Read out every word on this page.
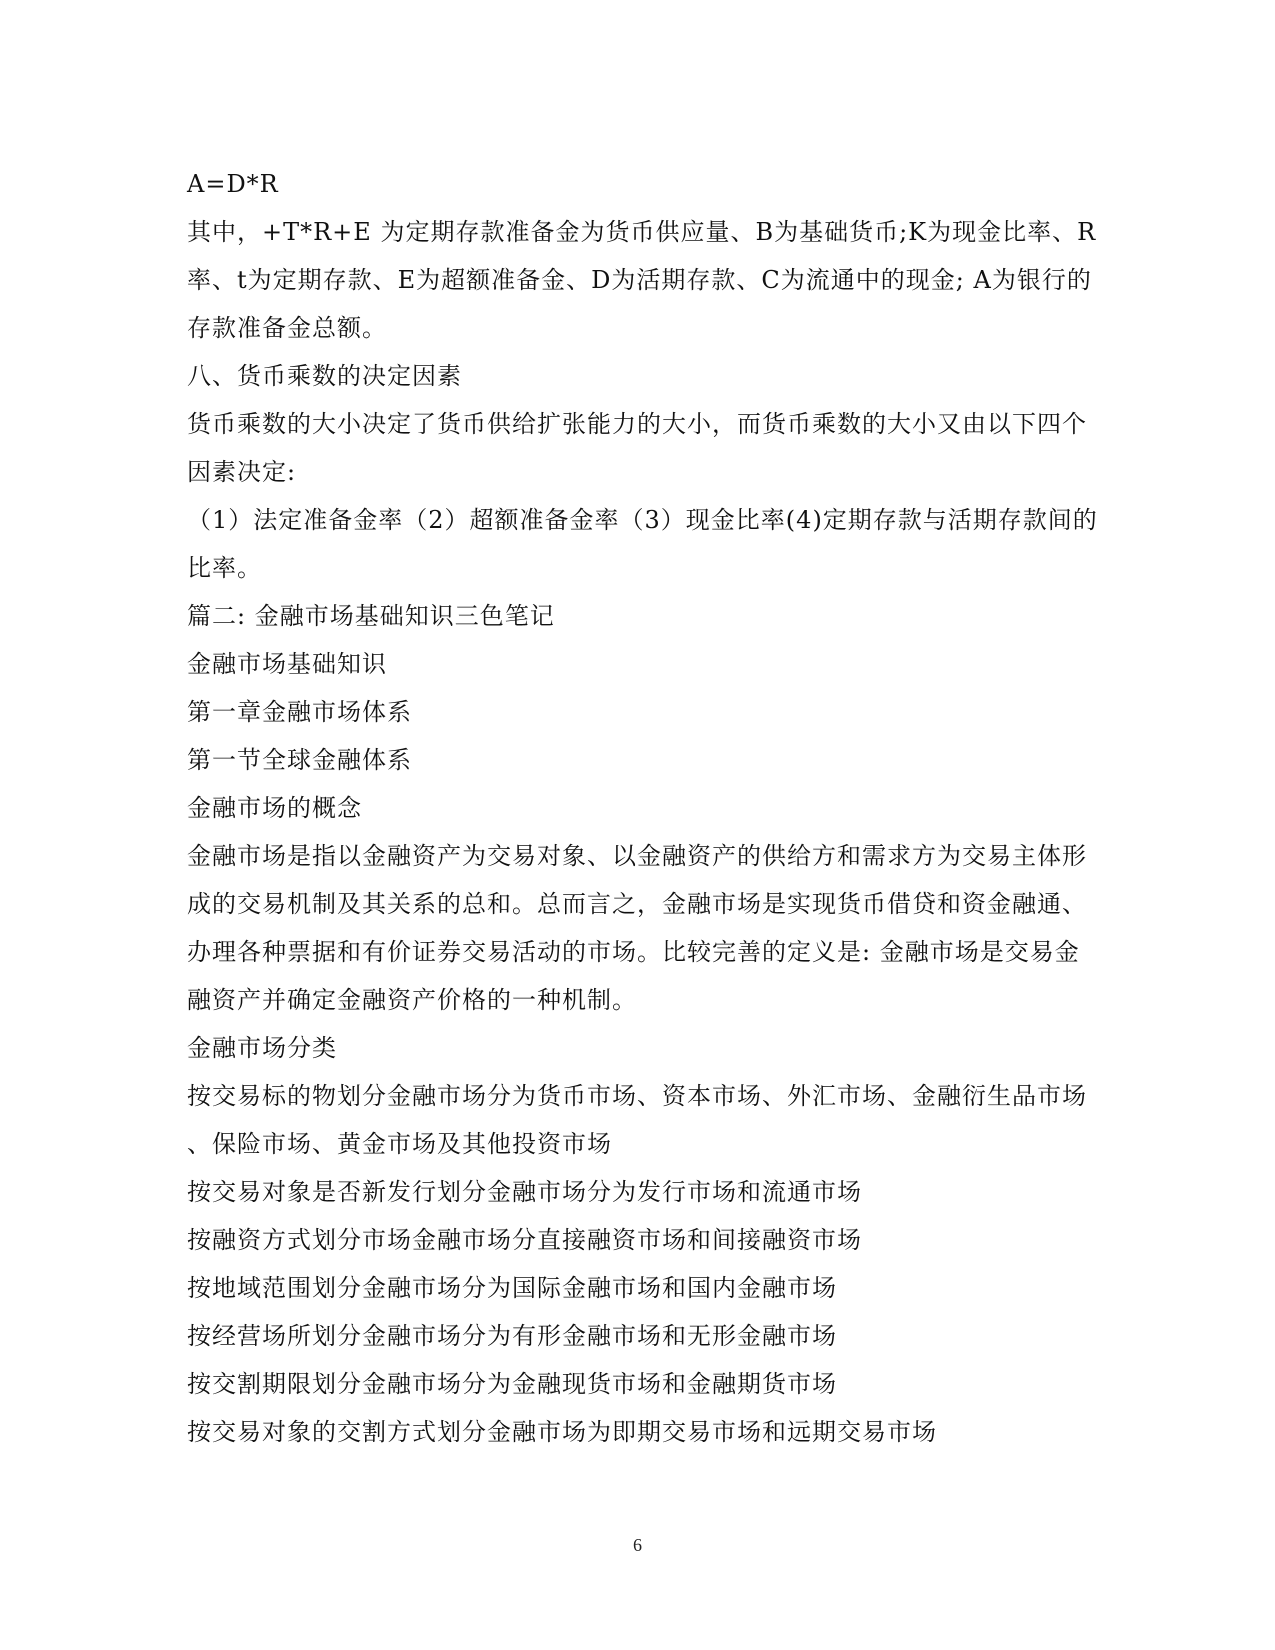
A=D*R
其中，+T*R+E 为定期存款准备金为货币供应量、B为基础货币;K为现金比率、R
率、t为定期存款、E为超额准备金、D为活期存款、C为流通中的现金; A为银行的
存款准备金总额。
八、货币乘数的决定因素
货币乘数的大小决定了货币供给扩张能力的大小，而货币乘数的大小又由以下四个
因素决定:
（1）法定准备金率（2）超额准备金率（3）现金比率(4)定期存款与活期存款间的
比率。
篇二: 金融市场基础知识三色笔记
金融市场基础知识
第一章金融市场体系
第一节全球金融体系
金融市场的概念
金融市场是指以金融资产为交易对象、以金融资产的供给方和需求方为交易主体形
成的交易机制及其关系的总和。总而言之，金融市场是实现货币借贷和资金融通、
办理各种票据和有价证券交易活动的市场。比较完善的定义是: 金融市场是交易金
融资产并确定金融资产价格的一种机制。
金融市场分类
按交易标的物划分金融市场分为货币市场、资本市场、外汇市场、金融衍生品市场
、保险市场、黄金市场及其他投资市场
按交易对象是否新发行划分金融市场分为发行市场和流通市场
按融资方式划分市场金融市场分直接融资市场和间接融资市场
按地域范围划分金融市场分为国际金融市场和国内金融市场
按经营场所划分金融市场分为有形金融市场和无形金融市场
按交割期限划分金融市场分为金融现货市场和金融期货市场
按交易对象的交割方式划分金融市场为即期交易市场和远期交易市场
6
